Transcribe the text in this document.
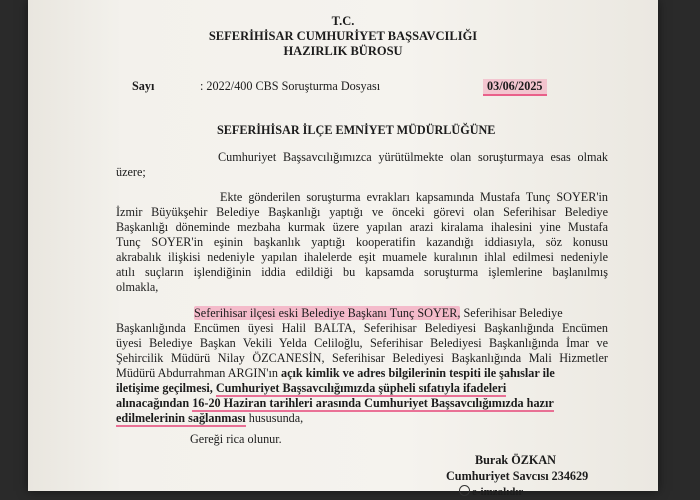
T.C.
SEFERİHİSAR CUMHURİYET BAŞSAVCILIĞI
HAZIRLIK BÜROSU
Sayı	: 2022/400 CBS Soruşturma Dosyası	03/06/2025
SEFERİHİSAR İLÇE EMNİYET MÜDÜRLÜĞÜNE
Cumhuriyet Başsavcılığımızca yürütülmekte olan soruşturmaya esas olmak
üzere;
Ekte gönderilen soruşturma evrakları kapsamında Mustafa Tunç SOYER'in
İzmir Büyükşehir Belediye Başkanlığı yaptığı ve önceki görevi olan Seferihisar Belediye
Başkanlığı döneminde mezbaha kurmak üzere yapılan arazi kiralama ihalesini yine Mustafa
Tunç SOYER'in eşinin başkanlık yaptığı kooperatifin kazandığı iddiasıyla, söz konusu
akrabalık ilişkisi nedeniyle yapılan ihalelerde eşit muamele kuralının ihlal edilmesi nedeniyle
atılı suçların işlendiğinin iddia edildiği bu kapsamda soruşturma işlemlerine başlanılmış
olmakla,
Seferihisar ilçesi eski Belediye Başkanı Tunç SOYER, Seferihisar Belediye
Başkanlığında Encümen üyesi Halil BALTA, Seferihisar Belediyesi Başkanlığında Encümen
üyesi Belediye Başkan Vekili Yelda Celiloğlu, Seferihisar Belediyesi Başkanlığında İmar ve
Şehircilik Müdürü Nilay ÖZCANESİN, Seferihisar Belediyesi Başkanlığında Mali Hizmetler
Müdürü Abdurrahman ARGIN'ın açık kimlik ve adres bilgilerinin tespiti ile şahıslar ile
iletişime geçilmesi, Cumhuriyet Başsavcılığımızda şüpheli sıfatıyla ifadeleri
alınacağından 16-20 Haziran tarihleri arasında Cumhuriyet Başsavcılığımızda hazır
edilmelerinin sağlanması hususunda,
Gereği rica olunur.
Burak ÖZKAN
Cumhuriyet Savcısı 234629
e-imzalıdır
